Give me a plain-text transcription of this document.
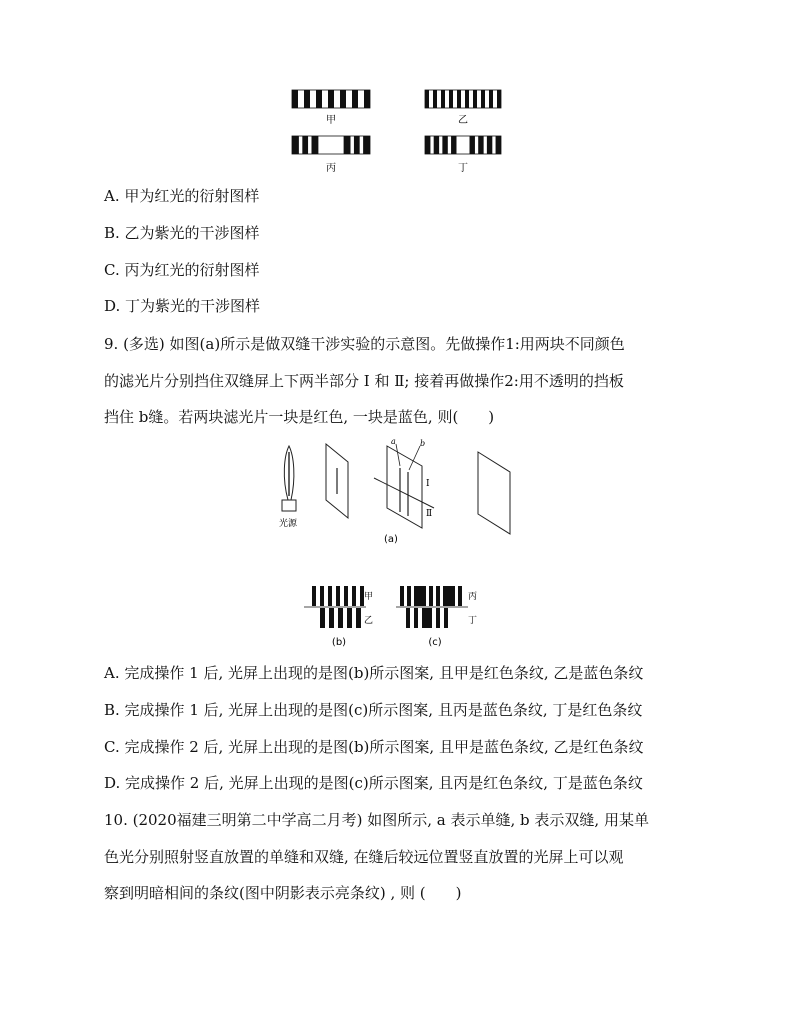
甲	乙
丙	丁
A. 甲为红光的衍射图样
B. 乙为紫光的干涉图样
C. 丙为红光的衍射图样
D. 丁为紫光的干涉图样
9. (多选) 如图(a)所示是做双缝干涉实验的示意图。先做操作1:用两块不同颜色
的滤光片分别挡住双缝屏上下两半部分 Ⅰ 和 Ⅱ; 接着再做操作2:用不透明的挡板
挡住 b缝。若两块滤光片一块是红色, 一块是蓝色, 则(　　)
光源
a	b
Ⅰ
Ⅱ
(a)
甲
乙
丙
丁
(b)	(c)
A. 完成操作 1 后, 光屏上出现的是图(b)所示图案, 且甲是红色条纹, 乙是蓝色条纹
B. 完成操作 1 后, 光屏上出现的是图(c)所示图案, 且丙是蓝色条纹, 丁是红色条纹
C. 完成操作 2 后, 光屏上出现的是图(b)所示图案, 且甲是蓝色条纹, 乙是红色条纹
D. 完成操作 2 后, 光屏上出现的是图(c)所示图案, 且丙是红色条纹, 丁是蓝色条纹
10. (2020福建三明第二中学高二月考) 如图所示, a 表示单缝, b 表示双缝, 用某单
色光分别照射竖直放置的单缝和双缝, 在缝后较远位置竖直放置的光屏上可以观
察到明暗相间的条纹(图中阴影表示亮条纹) , 则 (　　)
